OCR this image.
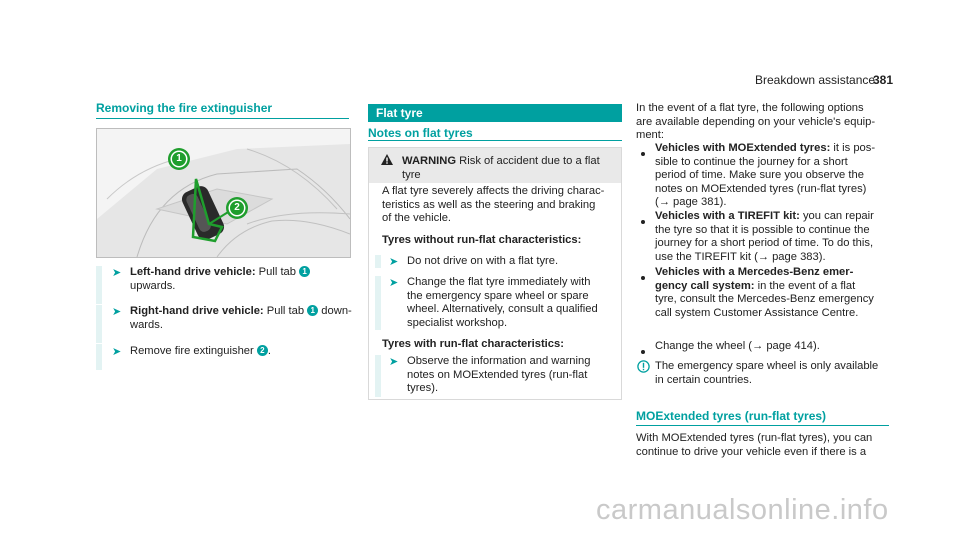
Breakdown assistance
381
Removing the fire extinguisher
1
2
➤ Left-hand drive vehicle: Pull tab 1
upwards.
➤ Right-hand drive vehicle: Pull tab 1 down-
wards.
➤ Remove fire extinguisher 2 .
Flat tyre
Notes on flat tyres
WARNING Risk of accident due to a flat
tyre
A flat tyre severely affects the driving charac-
teristics as well as the steering and braking
of the vehicle.
Tyres without run-flat characteristics:
➤ Do not drive on with a flat tyre.
➤ Change the flat tyre immediately with
the emergency spare wheel or spare
wheel. Alternatively, consult a qualified
specialist workshop.
Tyres with run-flat characteristics:
➤ Observe the information and warning
notes on MOExtended tyres (run-flat
tyres).
In the event of a flat tyre, the following options
are available depending on your vehicle's equip-
ment:
Vehicles with MOExtended tyres: it is pos-
sible to continue the journey for a short
period of time. Make sure you observe the
notes on MOExtended tyres (run-flat tyres)
(→ page 381).
Vehicles with a TIREFIT kit: you can repair
the tyre so that it is possible to continue the
journey for a short period of time. To do this,
use the TIREFIT kit (→ page 383).
Vehicles with a Mercedes-Benz emer-
gency call system: in the event of a flat
tyre, consult the Mercedes-Benz emergency
call system Customer Assistance Centre.
Change the wheel (→ page 414).
The emergency spare wheel is only available
in certain countries.
MOExtended tyres (run-flat tyres)
With MOExtended tyres (run-flat tyres), you can
continue to drive your vehicle even if there is a
carmanualsonline.info
